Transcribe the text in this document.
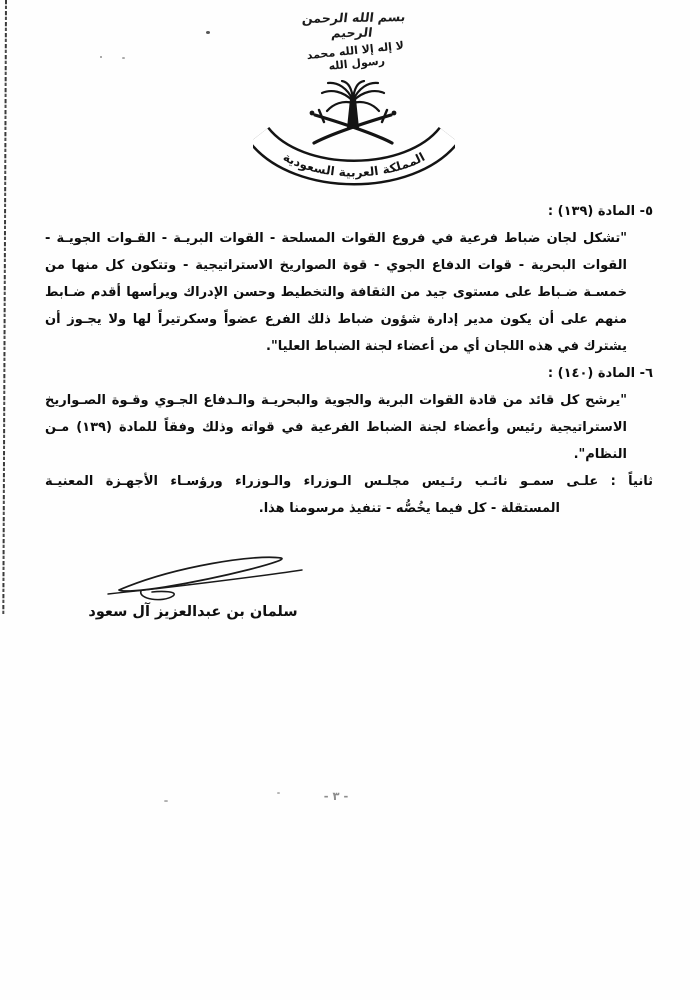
بسم الله الرحمن الرحيم
لا إله إلا الله محمد رسول الله
المملكة العربية السعودية
٥- المادة (١٣٩) :
"تشكل لجان ضباط فرعية في فروع القوات المسلحة - القوات البريـة - القـوات الجويـة -
القوات البحرية - قوات الدفاع الجوي - قوة الصواريخ الاستراتيجية - وتتكون كل منها من
خمسـة ضـباط على مستوى جيد من الثقافة والتخطيط وحسن الإدراك ويرأسها أقدم ضـابط
منهم على أن يكون مدير إدارة شؤون ضباط ذلك الفرع عضواً وسكرتيراً لها ولا يجـوز أن
يشترك في هذه اللجان أي من أعضاء لجنة الضباط العليا".
٦- المادة (١٤٠) :
"يرشح كل قائد من قادة القوات البرية والجوية والبحريـة والـدفاع الجـوي وقـوة الصـواريخ
الاستراتيجية رئيس وأعضاء لجنة الضباط الفرعية في قواته وذلك وفقاً للمادة (١٣٩) مـن
النظام".
ثانياً : علـى سمـو نائـب رئـيس مجلـس الـوزراء والـوزراء ورؤسـاء الأجهـزة المعنيـة
المستقلة - كل فيما يخُصُّه - تنفيذ مرسومنا هذا.
سلمان بن عبدالعزيز آل سعود
- ٣ -
